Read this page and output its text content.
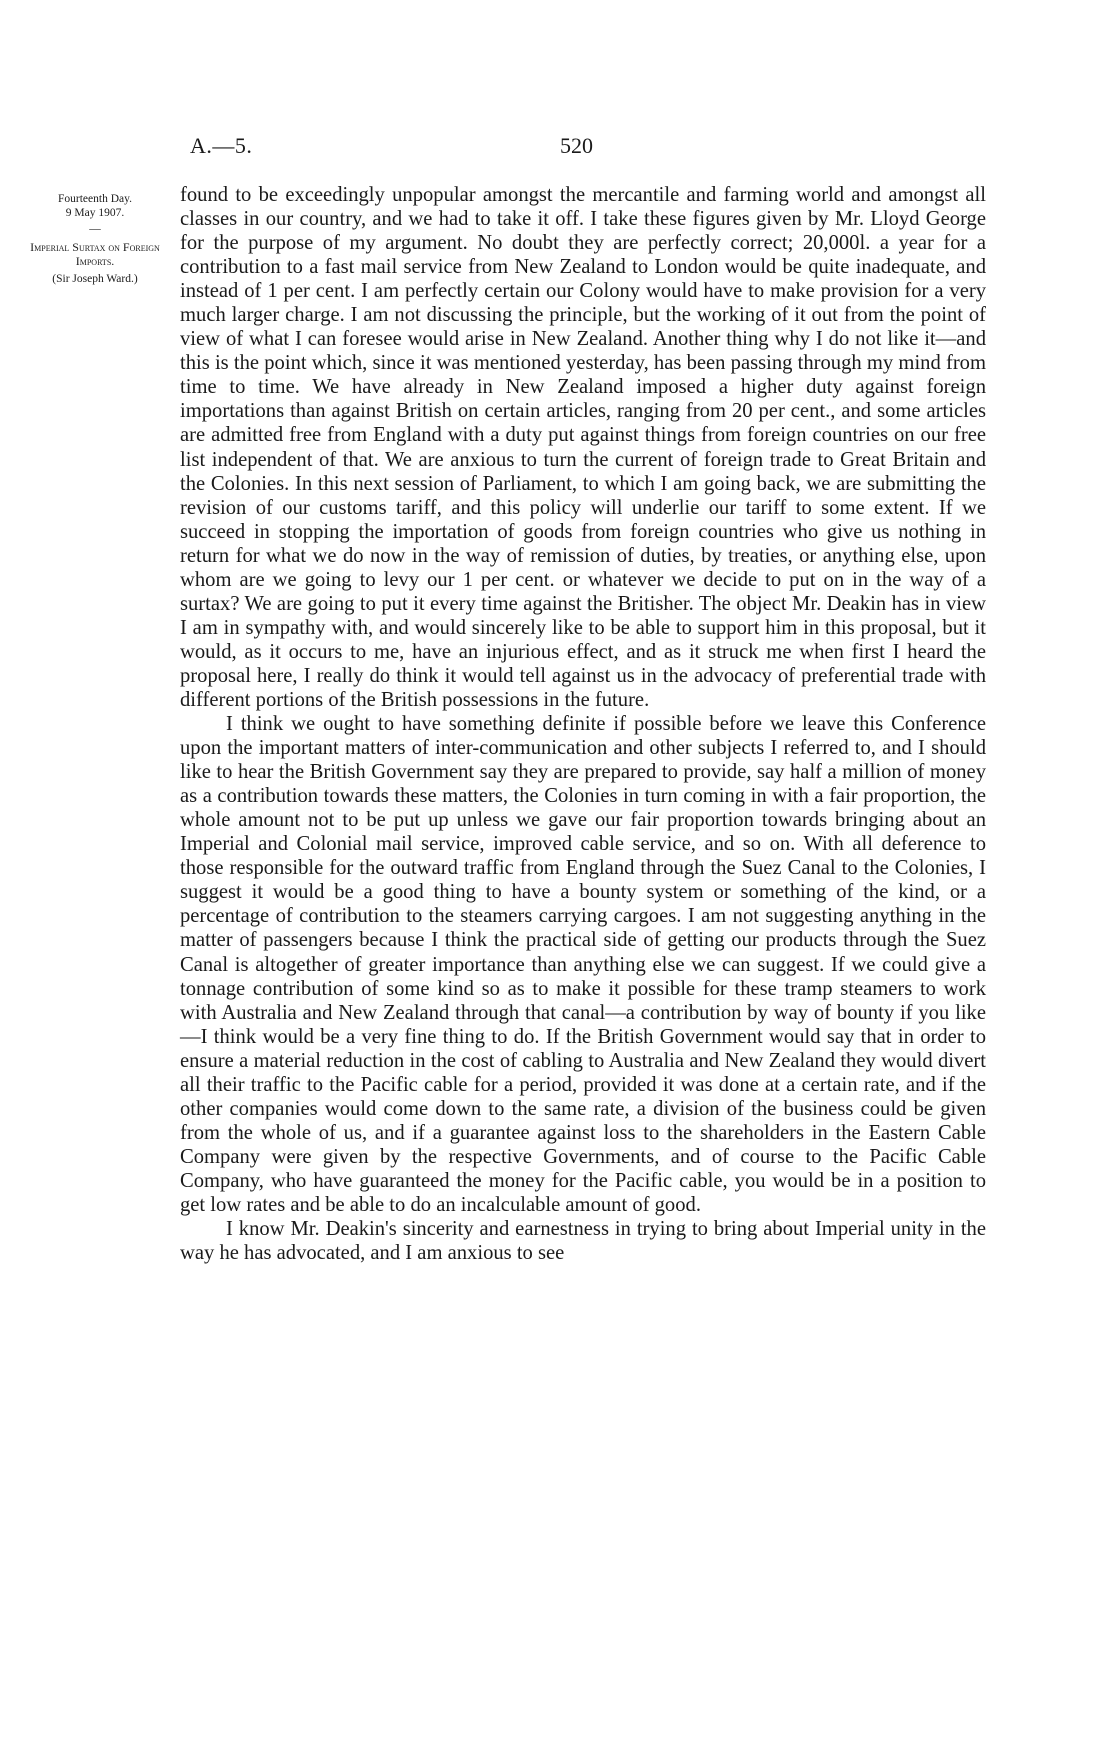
A.—5.	520
Fourteenth Day.
9 May 1907.
—
Imperial Surtax on Foreign Imports.
(Sir Joseph Ward.)

found to be exceedingly unpopular amongst the mercantile and farming world and amongst all classes in our country, and we had to take it off. I take these figures given by Mr. Lloyd George for the purpose of my argument. No doubt they are perfectly correct; 20,000l. a year for a contribution to a fast mail service from New Zealand to London would be quite inadequate, and instead of 1 per cent. I am perfectly certain our Colony would have to make provision for a very much larger charge. I am not discussing the principle, but the working of it out from the point of view of what I can foresee would arise in New Zealand. Another thing why I do not like it—and this is the point which, since it was mentioned yesterday, has been passing through my mind from time to time. We have already in New Zealand imposed a higher duty against foreign importations than against British on certain articles, ranging from 20 per cent., and some articles are admitted free from England with a duty put against things from foreign countries on our free list independent of that. We are anxious to turn the current of foreign trade to Great Britain and the Colonies. In this next session of Parliament, to which I am going back, we are submitting the revision of our customs tariff, and this policy will underlie our tariff to some extent. If we succeed in stopping the importation of goods from foreign countries who give us nothing in return for what we do now in the way of remission of duties, by treaties, or anything else, upon whom are we going to levy our 1 per cent. or whatever we decide to put on in the way of a surtax? We are going to put it every time against the Britisher. The object Mr. Deakin has in view I am in sympathy with, and would sincerely like to be able to support him in this proposal, but it would, as it occurs to me, have an injurious effect, and as it struck me when first I heard the proposal here, I really do think it would tell against us in the advocacy of preferential trade with different portions of the British possessions in the future.

I think we ought to have something definite if possible before we leave this Conference upon the important matters of inter-communication and other subjects I referred to, and I should like to hear the British Government say they are prepared to provide, say half a million of money as a contribution towards these matters, the Colonies in turn coming in with a fair proportion, the whole amount not to be put up unless we gave our fair proportion towards bringing about an Imperial and Colonial mail service, improved cable service, and so on. With all deference to those responsible for the outward traffic from England through the Suez Canal to the Colonies, I suggest it would be a good thing to have a bounty system or something of the kind, or a percentage of contribution to the steamers carrying cargoes. I am not suggesting anything in the matter of passengers because I think the practical side of getting our products through the Suez Canal is altogether of greater importance than anything else we can suggest. If we could give a tonnage contribution of some kind so as to make it possible for these tramp steamers to work with Australia and New Zealand through that canal—a contribution by way of bounty if you like—I think would be a very fine thing to do. If the British Government would say that in order to ensure a material reduction in the cost of cabling to Australia and New Zealand they would divert all their traffic to the Pacific cable for a period, provided it was done at a certain rate, and if the other companies would come down to the same rate, a division of the business could be given from the whole of us, and if a guarantee against loss to the shareholders in the Eastern Cable Company were given by the respective Governments, and of course to the Pacific Cable Company, who have guaranteed the money for the Pacific cable, you would be in a position to get low rates and be able to do an incalculable amount of good.

I know Mr. Deakin's sincerity and earnestness in trying to bring about Imperial unity in the way he has advocated, and I am anxious to see
